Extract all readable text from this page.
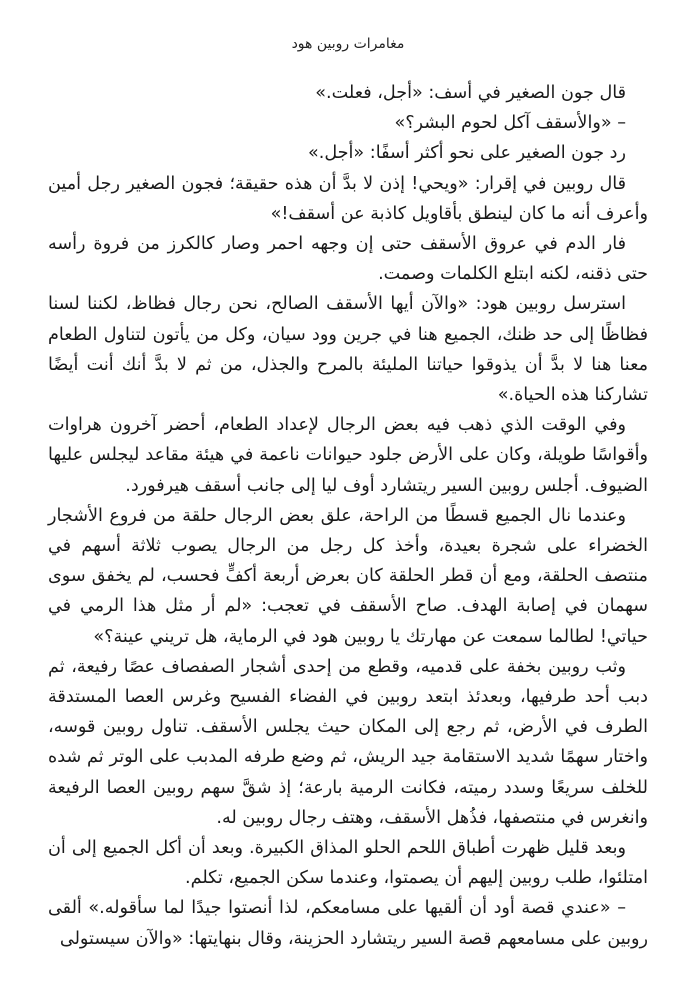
مغامرات روبين هود

قال جون الصغير في أسف: «أجل، فعلت.»

– «والأسقف آكل لحوم البشر؟»

رد جون الصغير على نحو أكثر أسفًا: «أجل.»

قال روبين في إقرار: «ويحي! إذن لا بدَّ أن هذه حقيقة؛ فجون الصغير رجل أمين وأعرف أنه ما كان لينطق بأقاويل كاذبة عن أسقف!»

فار الدم في عروق الأسقف حتى إن وجهه احمر وصار كالكرز من فروة رأسه حتى ذقنه، لكنه ابتلع الكلمات وصمت.

استرسل روبين هود: «والآن أيها الأسقف الصالح، نحن رجال فظاظ، لكننا لسنا فظاظًا إلى حد ظنك، الجميع هنا في جرين وود سيان، وكل من يأتون لتناول الطعام معنا هنا لا بدَّ أن يذوقوا حياتنا المليئة بالمرح والجذل، من ثم لا بدَّ أنك أنت أيضًا تشاركنا هذه الحياة.»

وفي الوقت الذي ذهب فيه بعض الرجال لإعداد الطعام، أحضر آخرون هراوات وأقواسًا طويلة، وكان على الأرض جلود حيوانات ناعمة في هيئة مقاعد ليجلس عليها الضيوف. أجلس روبين السير ريتشارد أوف ليا إلى جانب أسقف هيرفورد.

وعندما نال الجميع قسطًا من الراحة، علق بعض الرجال حلقة من فروع الأشجار الخضراء على شجرة بعيدة، وأخذ كل رجل من الرجال يصوب ثلاثة أسهم في منتصف الحلقة، ومع أن قطر الحلقة كان بعرض أربعة أكفٍّ فحسب، لم يخفق سوى سهمان في إصابة الهدف. صاح الأسقف في تعجب: «لم أر مثل هذا الرمي في حياتي! لطالما سمعت عن مهارتك يا روبين هود في الرماية، هل تريني عينة؟»

وثب روبين بخفة على قدميه، وقطع من إحدى أشجار الصفصاف عصًا رفيعة، ثم دبب أحد طرفيها، وبعدئذ ابتعد روبين في الفضاء الفسيح وغرس العصا المستدقة الطرف في الأرض، ثم رجع إلى المكان حيث يجلس الأسقف. تناول روبين قوسه، واختار سهمًا شديد الاستقامة جيد الريش، ثم وضع طرفه المدبب على الوتر ثم شده للخلف سريعًا وسدد رميته، فكانت الرمية بارعة؛ إذ شقَّ سهم روبين العصا الرفيعة وانغرس في منتصفها، فذُهل الأسقف، وهتف رجال روبين له.

وبعد قليل ظهرت أطباق اللحم الحلو المذاق الكبيرة. وبعد أن أكل الجميع إلى أن امتلئوا، طلب روبين إليهم أن يصمتوا، وعندما سكن الجميع، تكلم.

– «عندي قصة أود أن ألقيها على مسامعكم، لذا أنصتوا جيدًا لما سأقوله.» ألقى روبين على مسامعهم قصة السير ريتشارد الحزينة، وقال بنهايتها: «والآن سيستولى
